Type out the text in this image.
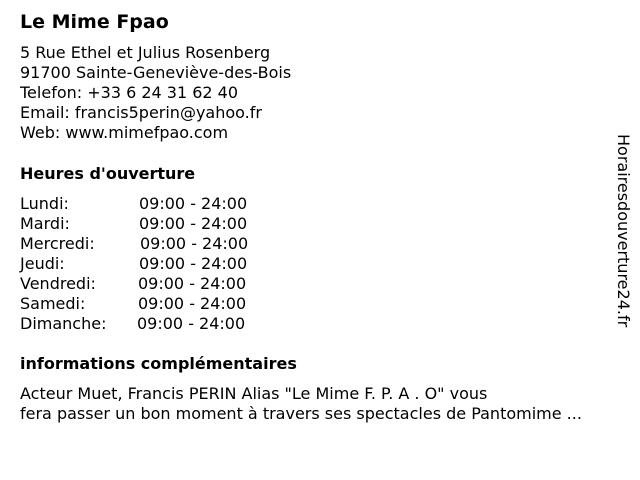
Le Mime Fpao
5 Rue Ethel et Julius Rosenberg
91700 Sainte-Geneviève-des-Bois
Telefon: +33 6 24 31 62 40
Email: francis5perin@yahoo.fr
Web: www.mimefpao.com
Heures d'ouverture
Lundi:	09:00 - 24:00
Mardi:	09:00 - 24:00
Mercredi:	09:00 - 24:00
Jeudi:	09:00 - 24:00
Vendredi:	09:00 - 24:00
Samedi:	09:00 - 24:00
Dimanche: 09:00 - 24:00
informations complémentaires
Acteur Muet, Francis PERIN Alias "Le Mime F. P. A . O" vous
fera passer un bon moment à travers ses spectacles de Pantomime ...
Horairesdouverture24.fr
